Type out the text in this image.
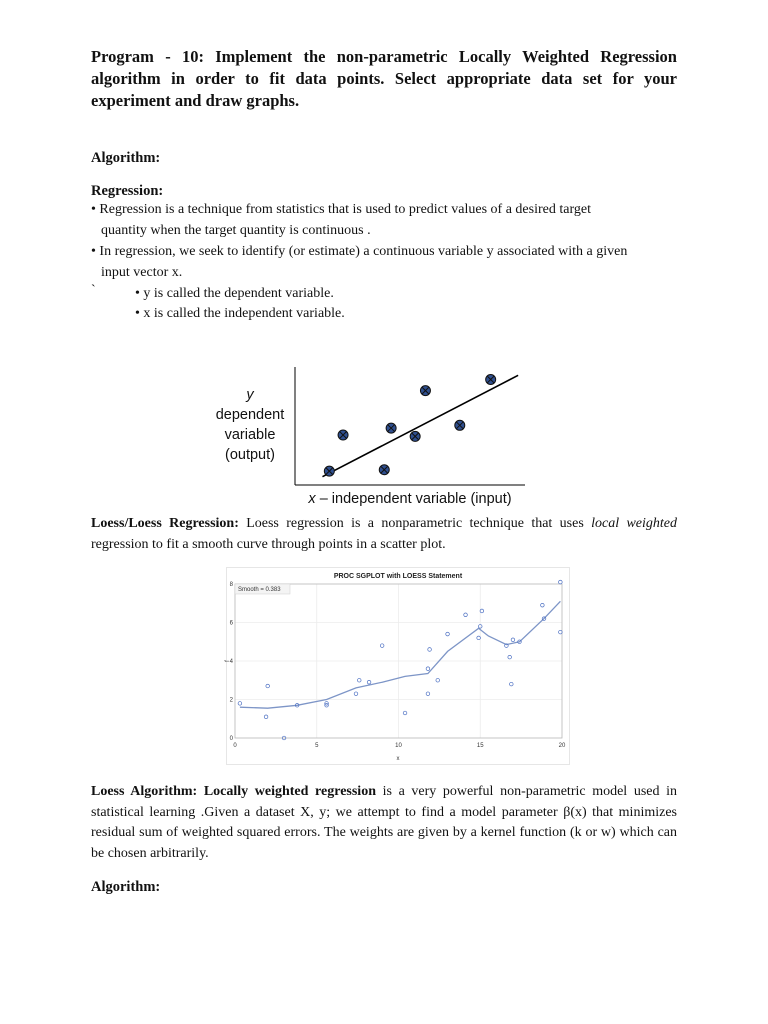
Program - 10: Implement the non-parametric Locally Weighted Regression algorithm in order to fit data points. Select appropriate data set for your experiment and draw graphs.
Algorithm:
Regression:
• Regression is a technique from statistics that is used to predict values of a desired target
quantity when the target quantity is continuous .
• In regression, we seek to identify (or estimate) a continuous variable y associated with a given
input vector x.
`	• y is called the dependent variable.
• x is called the independent variable.
y
dependent
variable
(output)
x – independent variable (input)
Loess/Loess Regression: Loess regression is a nonparametric technique that uses local weighted regression to fit a smooth curve through points in a scatter plot.
PROC SGPLOT with LOESS Statement
Smooth = 0.383
0	5	10	15	20
0
2
4
6
8
x
f
Loess Algorithm: Locally weighted regression is a very powerful non-parametric model used in statistical learning .Given a dataset X, y; we attempt to find a model parameter β(x) that minimizes residual sum of weighted squared errors. The weights are given by a kernel function (k or w) which can be chosen arbitrarily.
Algorithm:
